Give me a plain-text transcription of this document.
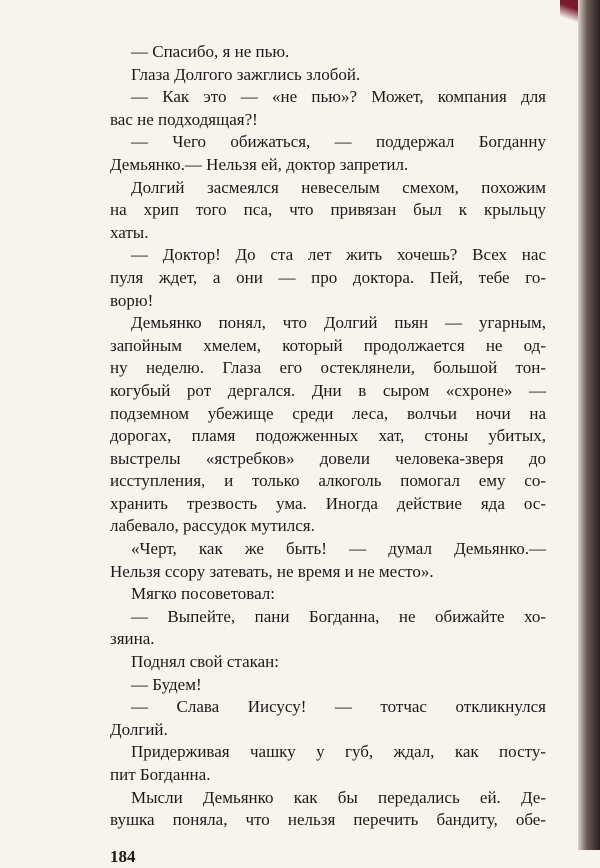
— Спасибо, я не пью.
Глаза Долгого зажглись злобой.
— Как это — «не пью»? Может, компания для
вас не подходящая?!
— Чего обижаться, — поддержал Богданну
Демьянко.— Нельзя ей, доктор запретил.
Долгий засмеялся невеселым смехом, похожим
на хрип того пса, что привязан был к крыльцу
хаты.
— Доктор! До ста лет жить хочешь? Всех нас
пуля ждет, а они — про доктора. Пей, тебе го-
ворю!
Демьянко понял, что Долгий пьян — угарным,
запойным хмелем, который продолжается не од-
ну неделю. Глаза его остеклянели, большой тон-
когубый рот дергался. Дни в сыром «схроне» —
подземном убежище среди леса, волчьи ночи на
дорогах, пламя подожженных хат, стоны убитых,
выстрелы «ястребков» довели человека-зверя до
исступления, и только алкоголь помогал ему со-
хранить трезвость ума. Иногда действие яда ос-
лабевало, рассудок мутился.
«Черт, как же быть! — думал Демьянко.—
Нельзя ссору затевать, не время и не место».
Мягко посоветовал:
— Выпейте, пани Богданна, не обижайте хо-
зяина.
Поднял свой стакан:
— Будем!
— Слава Иисусу! — тотчас откликнулся
Долгий.
Придерживая чашку у губ, ждал, как посту-
пит Богданна.
Мысли Демьянко как бы передались ей. Де-
вушка поняла, что нельзя перечить бандиту, обе-
184
